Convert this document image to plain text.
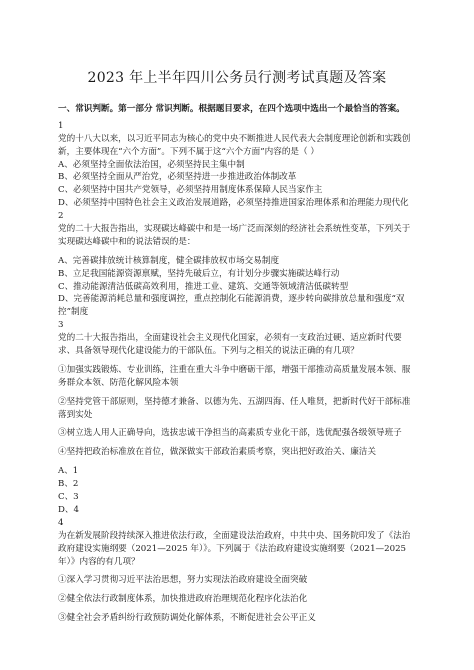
2023 年上半年四川公务员行测考试真题及答案

一、常识判断。第一部分 常识判断。根据题目要求，在四个选项中选出一个最恰当的答案。

1

党的十八大以来，以习近平同志为核心的党中央不断推进人民代表大会制度理论创新和实践创新，主要体现在“六个方面”。下列不属于这“六个方面”内容的是（ ）

A、必须坚持全面依法治国，必须坚持民主集中制

B、必须坚持全面从严治党，必须坚持进一步推进政治体制改革

C、必须坚持中国共产党领导，必须坚持用制度体系保障人民当家作主

D、必须坚持中国特色社会主义政治发展道路，必须坚持推进国家治理体系和治理能力现代化

2

党的二十大报告指出，实现碳达峰碳中和是一场广泛而深刻的经济社会系统性变革，下列关于实现碳达峰碳中和的说法错误的是：

A、完善碳排放统计核算制度，健全碳排放权市场交易制度

B、立足我国能源资源禀赋，坚持先破后立，有计划分步骤实施碳达峰行动

C、推动能源清洁低碳高效利用，推进工业、建筑、交通等领域清洁低碳转型

D、完善能源消耗总量和强度调控，重点控制化石能源消费，逐步转向碳排放总量和强度“双控”制度

3

党的二十大报告指出，全面建设社会主义现代化国家，必须有一支政治过硬、适应新时代要求、具备领导现代化建设能力的干部队伍。下列与之相关的说法正确的有几项？

①加强实践锻炼、专业训练，注重在重大斗争中磨砺干部，增强干部推动高质量发展本领、服务群众本领、防范化解风险本领

②坚持党管干部原则，坚持德才兼备、以德为先、五湖四海、任人唯贤，把新时代好干部标准落到实处

③树立选人用人正确导向，选拔忠诚干净担当的高素质专业化干部，选优配强各级领导班子

④坚持把政治标准放在首位，做深做实干部政治素质考察，突出把好政治关、廉洁关

A、1

B、2

C、3

D、4

4

为在新发展阶段持续深入推进依法行政，全面建设法治政府，中共中央、国务院印发了《法治政府建设实施纲要（2021—2025 年）》。下列属于《法治政府建设实施纲要（2021—2025 年）》内容的有几项？

①深入学习贯彻习近平法治思想，努力实现法治政府建设全面突破

②健全依法行政制度体系，加快推进政府治理规范化程序化法治化

③健全社会矛盾纠纷行政预防调处化解体系，不断促进社会公平正义
